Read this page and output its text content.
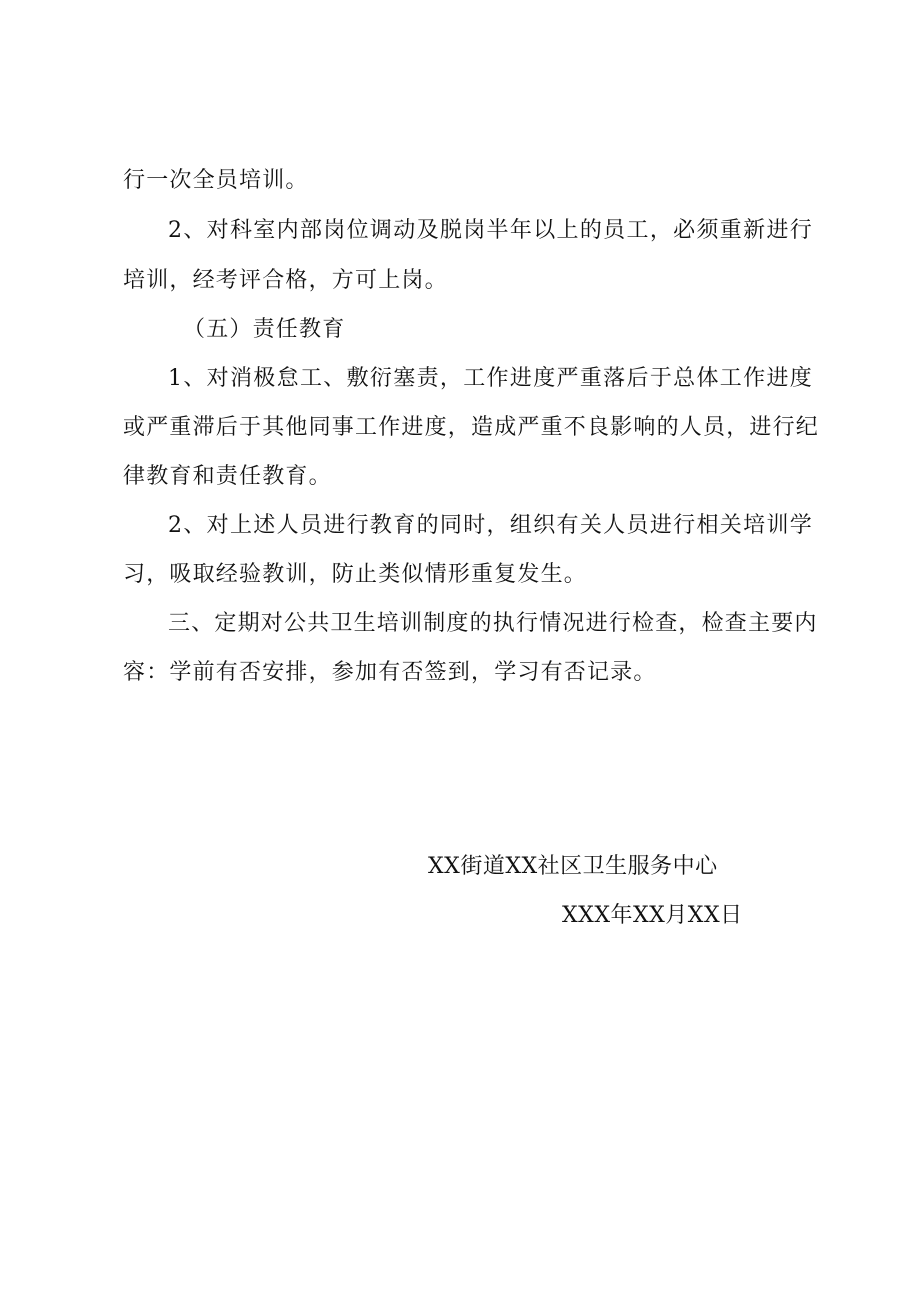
行一次全员培训。
2、对科室内部岗位调动及脱岗半年以上的员工，必须重新进行
培训，经考评合格，方可上岗。
（五）责任教育
1、对消极怠工、敷衍塞责，工作进度严重落后于总体工作进度
或严重滞后于其他同事工作进度，造成严重不良影响的人员，进行纪
律教育和责任教育。
2、对上述人员进行教育的同时，组织有关人员进行相关培训学
习，吸取经验教训，防止类似情形重复发生。
三、定期对公共卫生培训制度的执行情况进行检查，检查主要内
容：学前有否安排，参加有否签到，学习有否记录。
XX街道XX社区卫生服务中心
XXX年XX月XX日
